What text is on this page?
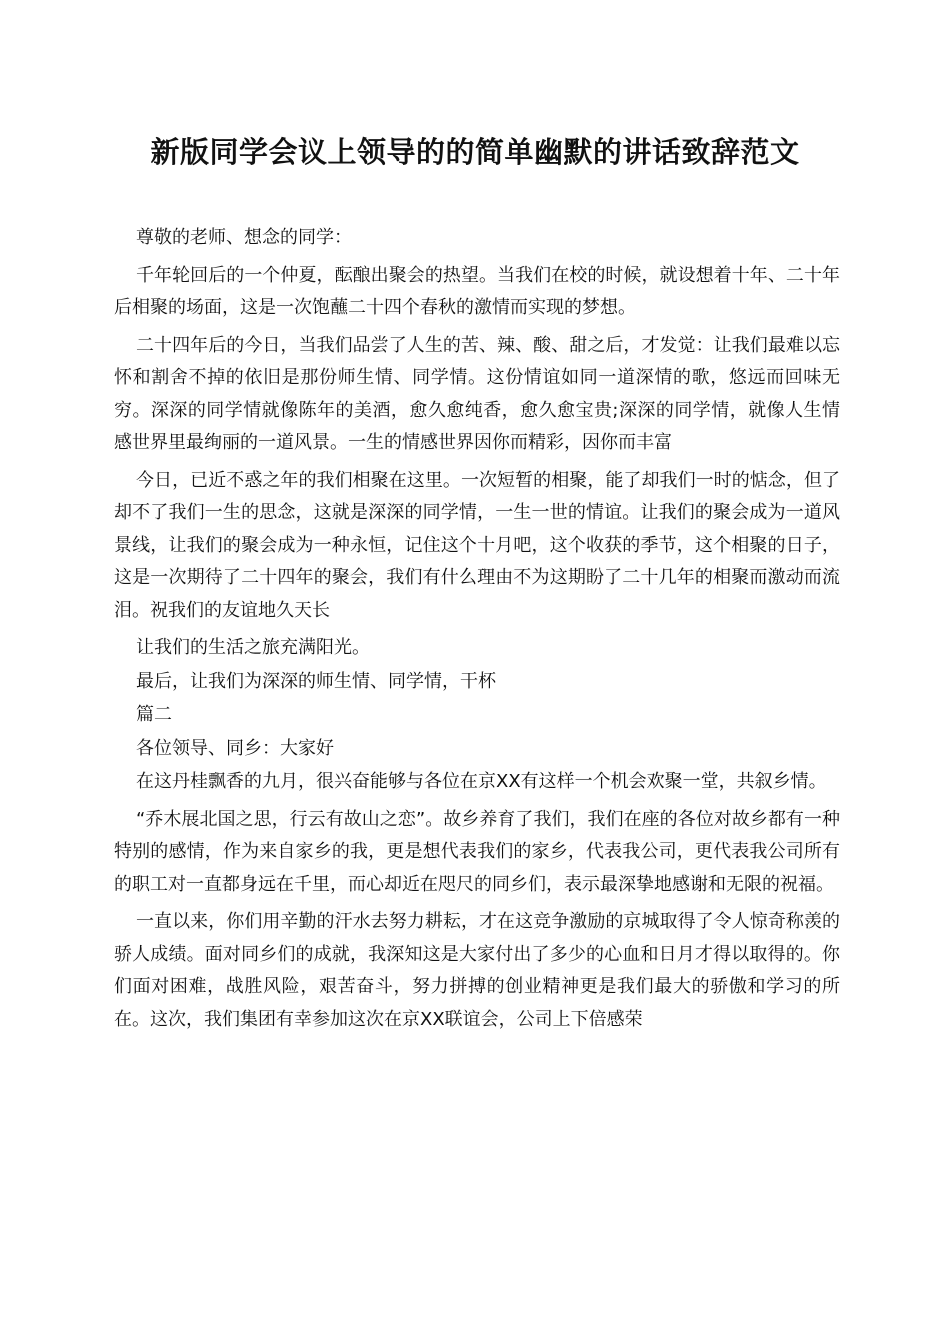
新版同学会议上领导的的简单幽默的讲话致辞范文

尊敬的老师、想念的同学：

千年轮回后的一个仲夏，酝酿出聚会的热望。当我们在校的时候，就设想着十年、二十年后相聚的场面，这是一次饱蘸二十四个春秋的激情而实现的梦想。

二十四年后的今日，当我们品尝了人生的苦、辣、酸、甜之后，才发觉：让我们最难以忘怀和割舍不掉的依旧是那份师生情、同学情。这份情谊如同一道深情的歌，悠远而回味无穷。深深的同学情就像陈年的美酒，愈久愈纯香，愈久愈宝贵;深深的同学情，就像人生情感世界里最绚丽的一道风景。一生的情感世界因你而精彩，因你而丰富

今日，已近不惑之年的我们相聚在这里。一次短暂的相聚，能了却我们一时的惦念，但了却不了我们一生的思念，这就是深深的同学情，一生一世的情谊。让我们的聚会成为一道风景线，让我们的聚会成为一种永恒，记住这个十月吧，这个收获的季节，这个相聚的日子，这是一次期待了二十四年的聚会，我们有什么理由不为这期盼了二十几年的相聚而激动而流泪。祝我们的友谊地久天长

让我们的生活之旅充满阳光。

最后，让我们为深深的师生情、同学情，干杯

篇二

各位领导、同乡：大家好

在这丹桂飘香的九月，很兴奋能够与各位在京XX有这样一个机会欢聚一堂，共叙乡情。

“乔木展北国之思，行云有故山之恋”。故乡养育了我们，我们在座的各位对故乡都有一种特别的感情，作为来自家乡的我，更是想代表我们的家乡，代表我公司，更代表我公司所有的职工对一直都身远在千里，而心却近在咫尺的同乡们，表示最深挚地感谢和无限的祝福。

一直以来，你们用辛勤的汗水去努力耕耘，才在这竞争激励的京城取得了令人惊奇称羡的骄人成绩。面对同乡们的成就，我深知这是大家付出了多少的心血和日月才得以取得的。你们面对困难，战胜风险，艰苦奋斗，努力拼搏的创业精神更是我们最大的骄傲和学习的所在。这次，我们集团有幸参加这次在京XX联谊会，公司上下倍感荣
